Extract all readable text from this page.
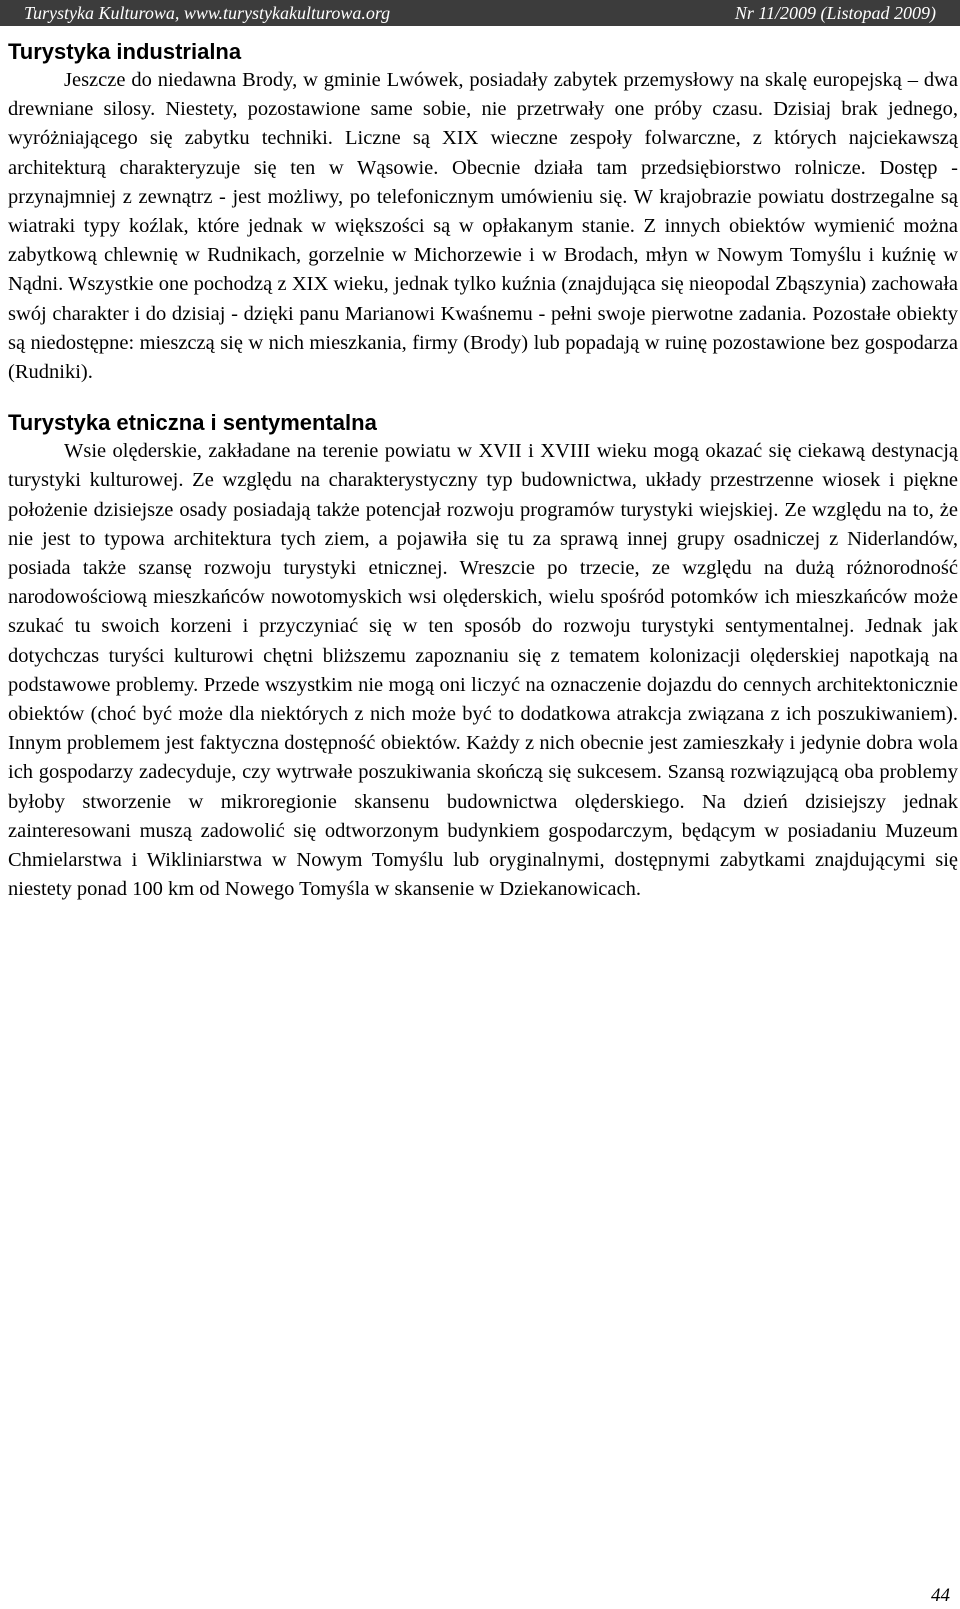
Turystyka Kulturowa, www.turystykakulturowa.org	Nr 11/2009 (Listopad 2009)
Turystyka industrialna

Jeszcze do niedawna Brody, w gminie Lwówek, posiadały zabytek przemysłowy na skalę europejską – dwa drewniane silosy. Niestety, pozostawione same sobie, nie przetrwały one próby czasu. Dzisiaj brak jednego, wyróżniającego się zabytku techniki. Liczne są XIX wieczne zespoły folwarczne, z których najciekawszą architekturą charakteryzuje się ten w Wąsowie. Obecnie działa tam przedsiębiorstwo rolnicze. Dostęp - przynajmniej z zewnątrz - jest możliwy, po telefonicznym umówieniu się. W krajobrazie powiatu dostrzegalne są wiatraki typy koźlak, które jednak w większości są w opłakanym stanie. Z innych obiektów wymienić można zabytkową chlewnię w Rudnikach, gorzelnie w Michorzewie i w Brodach, młyn w Nowym Tomyślu i kuźnię w Nądni. Wszystkie one pochodzą z XIX wieku, jednak tylko kuźnia (znajdująca się nieopodal Zbąszynia) zachowała swój charakter i do dzisiaj - dzięki panu Marianowi Kwaśnemu - pełni swoje pierwotne zadania. Pozostałe obiekty są niedostępne: mieszczą się w nich mieszkania, firmy (Brody) lub popadają w ruinę pozostawione bez gospodarza (Rudniki).

Turystyka etniczna i sentymentalna

Wsie olęderskie, zakładane na terenie powiatu w XVII i XVIII wieku mogą okazać się ciekawą destynacją turystyki kulturowej. Ze względu na charakterystyczny typ budownictwa, układy przestrzenne wiosek i piękne położenie dzisiejsze osady posiadają także potencjał rozwoju programów turystyki wiejskiej. Ze względu na to, że nie jest to typowa architektura tych ziem, a pojawiła się tu za sprawą innej grupy osadniczej z Niderlandów, posiada także szansę rozwoju turystyki etnicznej. Wreszcie po trzecie, ze względu na dużą różnorodność narodowościową mieszkańców nowotomyskich wsi olęderskich, wielu spośród potomków ich mieszkańców może szukać tu swoich korzeni i przyczyniać się w ten sposób do rozwoju turystyki sentymentalnej. Jednak jak dotychczas turyści kulturowi chętni bliższemu zapoznaniu się z tematem kolonizacji olęderskiej napotkają na podstawowe problemy. Przede wszystkim nie mogą oni liczyć na oznaczenie dojazdu do cennych architektonicznie obiektów (choć być może dla niektórych z nich może być to dodatkowa atrakcja związana z ich poszukiwaniem). Innym problemem jest faktyczna dostępność obiektów. Każdy z nich obecnie jest zamieszkały i jedynie dobra wola ich gospodarzy zadecyduje, czy wytrwałe poszukiwania skończą się sukcesem. Szansą rozwiązującą oba problemy byłoby stworzenie w mikroregionie skansenu budownictwa olęderskiego. Na dzień dzisiejszy jednak zainteresowani muszą zadowolić się odtworzonym budynkiem gospodarczym, będącym w posiadaniu Muzeum Chmielarstwa i Wikliniarstwa w Nowym Tomyślu lub oryginalnymi, dostępnymi zabytkami znajdującymi się niestety ponad 100 km od Nowego Tomyśla w skansenie w Dziekanowicach.

44
